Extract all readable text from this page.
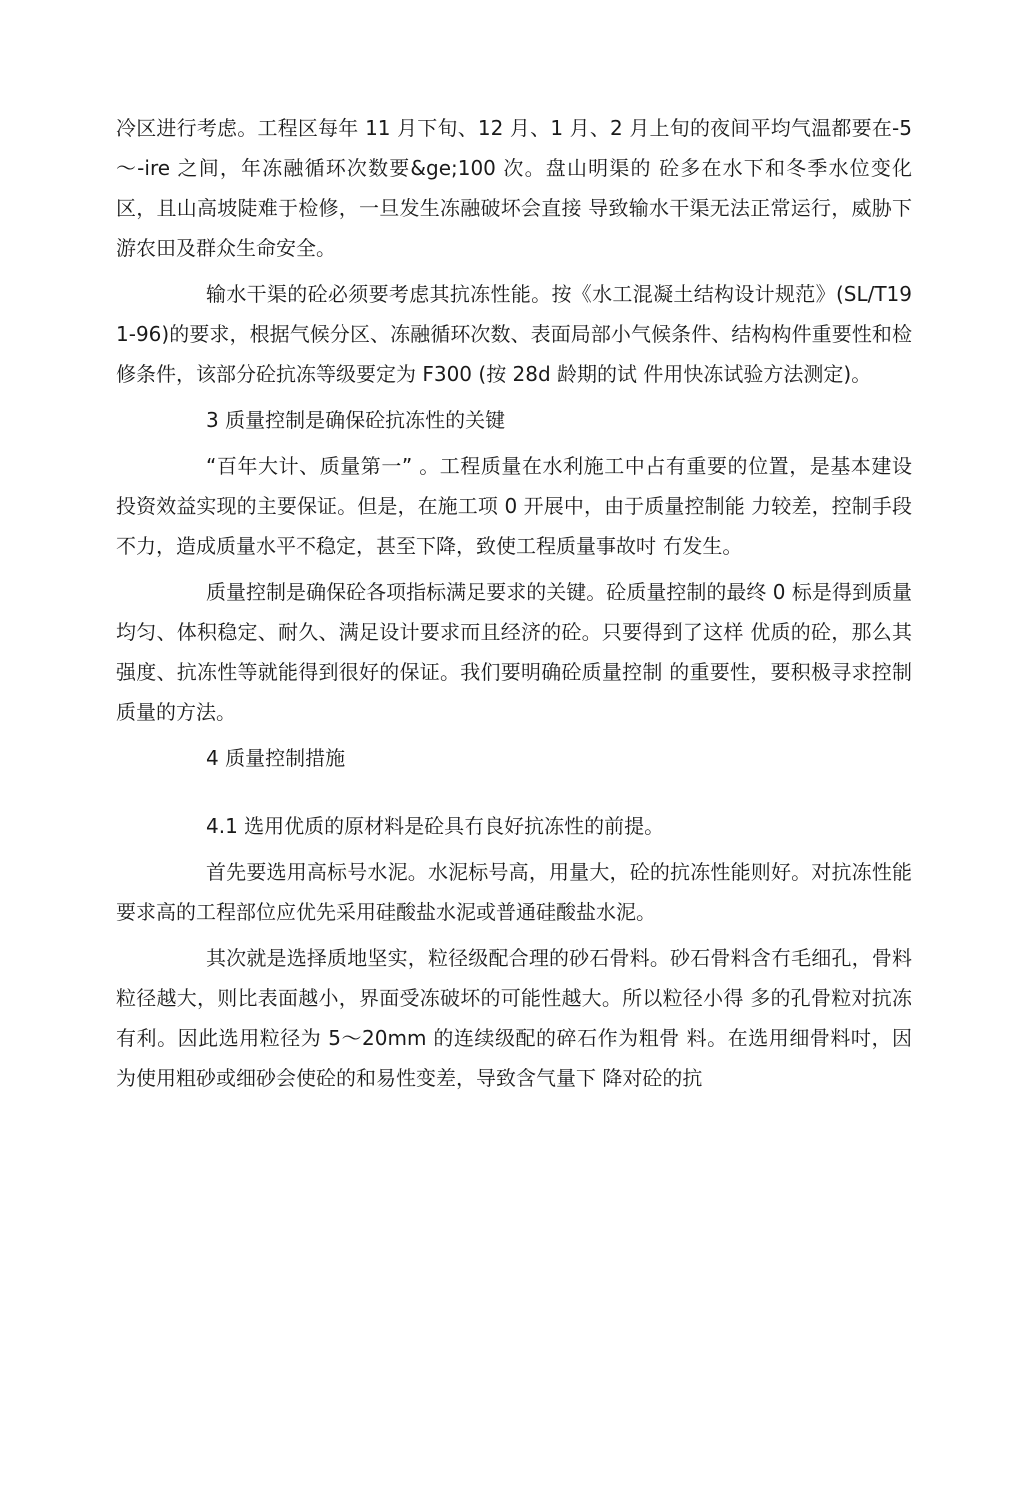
冷区进行考虑。工程区每年 11 月下旬、12 月、1 月、2 月上旬的夜间平均气温都要在-5～-ire 之间，年冻融循环次数要&ge;100 次。盘山明渠的 砼多在水下和冬季水位变化区，且山高坡陡难于检修，一旦发生冻融破坏会直接 导致输水干渠无法正常运行，威胁下游农田及群众生命安全。

输水干渠的砼必须要考虑其抗冻性能。按《水工混凝土结构设计规范》(SL/T191-96)的要求，根据气候分区、冻融循环次数、表面局部小气候条件、结构构件重要性和检修条件，该部分砼抗冻等级要定为 F300 (按 28d 龄期的试 件用快冻试验方法测定)。

3 质量控制是确保砼抗冻性的关键

“百年大计、质量第一” 。工程质量在水利施工中占有重要的位置，是基本建设投资效益实现的主要保证。但是，在施工项 0 开展中，由于质量控制能 力较差，控制手段不力，造成质量水平不稳定，甚至下降，致使工程质量事故吋 冇发生。

质量控制是确保砼各项指标满足要求的关键。砼质量控制的最终 0 标是得到质量均匀、体积稳定、耐久、满足设计要求而且经济的砼。只要得到了这样 优质的砼，那么其强度、抗冻性等就能得到很好的保证。我们要明确砼质量控制 的重要性，要积极寻求控制质量的方法。

4 质量控制措施

4.1 选用优质的原材料是砼具冇良好抗冻性的前提。

首先要选用高标号水泥。水泥标号高，用量大，砼的抗冻性能则好。对抗冻性能要求高的工程部位应优先采用硅酸盐水泥或普通硅酸盐水泥。

其次就是选择质地坚实，粒径级配合理的砂石骨料。砂石骨料含冇毛细孔，骨料粒径越大，则比表面越小，界面受冻破坏的可能性越大。所以粒径小得 多的孔骨粒对抗冻有利。因此选用粒径为 5～20mm 的连续级配的碎石作为粗骨 料。在选用细骨料吋，因为使用粗砂或细砂会使砼的和易性变差，导致含气量下 降对砼的抗
